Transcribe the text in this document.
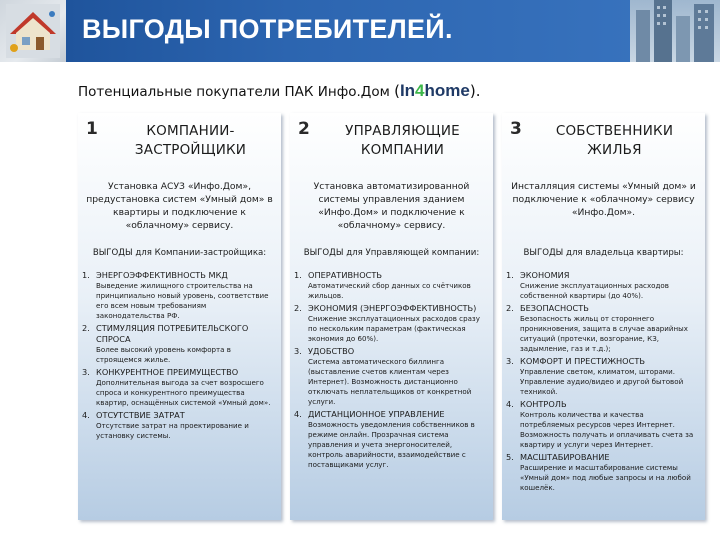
ВЫГОДЫ ПОТРЕБИТЕЛЕЙ.
Потенциальные покупатели ПАК Инфо.Дом (In4home).
1	КОМПАНИИ-ЗАСТРОЙЩИКИ
Установка АСУЗ «Инфо.Дом», предустановка систем «Умный дом» в квартиры и подключение к «облачному» сервису.
ВЫГОДЫ для Компании-застройщика:
1. ЭНЕРГОЭФФЕКТИВНОСТЬ МКД
Выведение жилищного строительства на принципиально новый уровень, соответствие его всем новым требованиям законодательства РФ.
2. СТИМУЛЯЦИЯ ПОТРЕБИТЕЛЬСКОГО СПРОСА
Более высокий уровень комфорта в строящемся жилье.
3. КОНКУРЕНТНОЕ ПРЕИМУЩЕСТВО
Дополнительная выгода за счет возросшего спроса и конкурентного преимущества квартир, оснащённых системой «Умный дом».
4. ОТСУТСТВИЕ ЗАТРАТ
Отсутствие затрат на проектирование и установку системы.
2	УПРАВЛЯЮЩИЕ КОМПАНИИ
Установка автоматизированной системы управления зданием «Инфо.Дом» и подключение к «облачному» сервису.
ВЫГОДЫ для Управляющей компании:
1. ОПЕРАТИВНОСТЬ
Автоматический сбор данных со счётчиков жильцов.
2. ЭКОНОМИЯ (ЭНЕРГОЭФФЕКТИВНОСТЬ)
Снижение эксплуатационных расходов сразу по нескольким параметрам (фактическая экономия до 60%).
3. УДОБСТВО
Система автоматического биллинга (выставление счетов клиентам через Интернет). Возможность дистанционно отключать неплательщиков от конкретной услуги.
4. ДИСТАНЦИОННОЕ УПРАВЛЕНИЕ
Возможность уведомления собственников в режиме онлайн. Прозрачная система управления и учета энергоносителей, контроль аварийности, взаимодействие с поставщиками услуг.
3	СОБСТВЕННИКИ ЖИЛЬЯ
Инсталляция системы «Умный дом» и подключение к «облачному» сервису «Инфо.Дом».
ВЫГОДЫ для владельца квартиры:
1. ЭКОНОМИЯ
Снижение эксплуатационных расходов собственной квартиры (до 40%).
2. БЕЗОПАСНОСТЬ
Безопасность жильц от стороннего проникновения, защита в случае аварийных ситуаций (протечки, возгорание, КЗ, задымление, газ и т.д.);
3. КОМФОРТ И ПРЕСТИЖНОСТЬ
Управление светом, климатом, шторами. Управление аудио/видео и другой бытовой техникой.
4. КОНТРОЛЬ
Контроль количества и качества потребляемых ресурсов через Интернет. Возможность получать и оплачивать счета за квартиру и услуги через Интернет.
5. МАСШТАБИРОВАНИЕ
Расширение и масштабирование системы «Умный дом» под любые запросы и на любой кошелёк.
